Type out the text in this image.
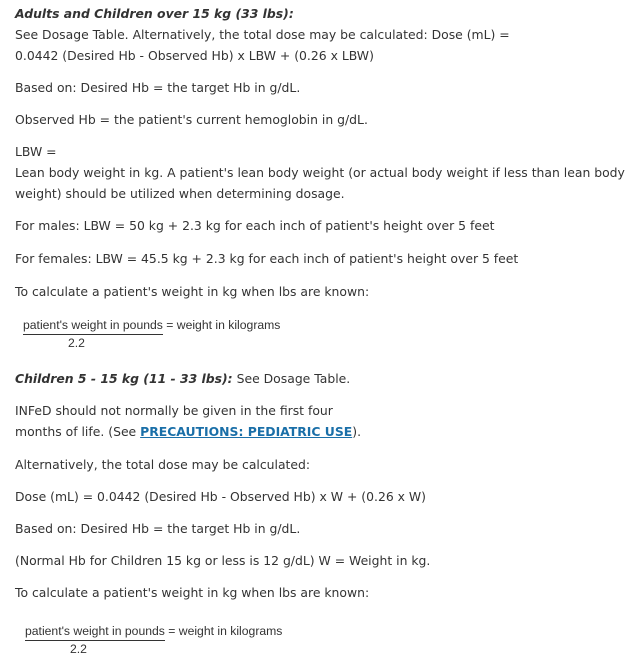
Adults and Children over 15 kg (33 lbs):
See Dosage Table. Alternatively, the total dose may be calculated: Dose (mL) =
0.0442 (Desired Hb - Observed Hb) x LBW + (0.26 x LBW)
Based on: Desired Hb = the target Hb in g/dL.
Observed Hb = the patient's current hemoglobin in g/dL.
LBW =
Lean body weight in kg. A patient's lean body weight (or actual body weight if less than lean body
weight) should be utilized when determining dosage.
For males: LBW = 50 kg + 2.3 kg for each inch of patient's height over 5 feet
For females: LBW = 45.5 kg + 2.3 kg for each inch of patient's height over 5 feet
To calculate a patient's weight in kg when lbs are known:
patient's weight in pounds = weight in kilograms
2.2
Children 5 - 15 kg (11 - 33 lbs): See Dosage Table.
INFeD should not normally be given in the first four
months of life. (See PRECAUTIONS: PEDIATRIC USE).
Alternatively, the total dose may be calculated:
Dose (mL) = 0.0442 (Desired Hb - Observed Hb) x W + (0.26 x W)
Based on: Desired Hb = the target Hb in g/dL.
(Normal Hb for Children 15 kg or less is 12 g/dL) W = Weight in kg.
To calculate a patient's weight in kg when lbs are known:
patient's weight in pounds = weight in kilograms
2.2
